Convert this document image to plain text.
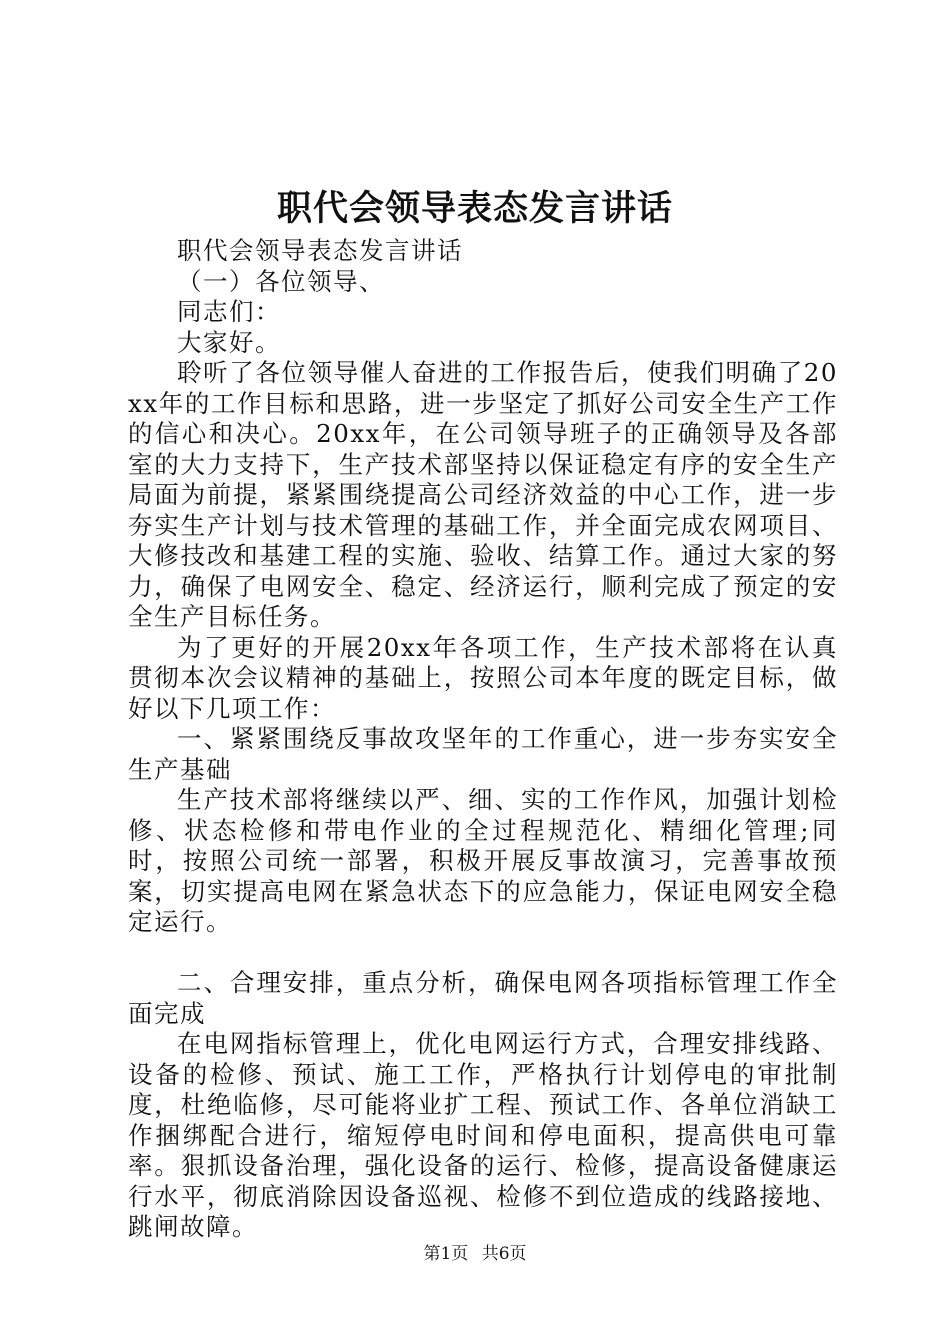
职代会领导表态发言讲话

职代会领导表态发言讲话

（一）各位领导、

同志们：

大家好。

聆听了各位领导催人奋进的工作报告后，使我们明确了20xx年的工作目标和思路，进一步坚定了抓好公司安全生产工作的信心和决心。20xx年，在公司领导班子的正确领导及各部室的大力支持下，生产技术部坚持以保证稳定有序的安全生产局面为前提，紧紧围绕提高公司经济效益的中心工作，进一步夯实生产计划与技术管理的基础工作，并全面完成农网项目、大修技改和基建工程的实施、验收、结算工作。通过大家的努力，确保了电网安全、稳定、经济运行，顺利完成了预定的安全生产目标任务。

为了更好的开展20xx年各项工作，生产技术部将在认真贯彻本次会议精神的基础上，按照公司本年度的既定目标，做好以下几项工作：

一、紧紧围绕反事故攻坚年的工作重心，进一步夯实安全生产基础

生产技术部将继续以严、细、实的工作作风，加强计划检修、状态检修和带电作业的全过程规范化、精细化管理;同时，按照公司统一部署，积极开展反事故演习，完善事故预案，切实提高电网在紧急状态下的应急能力，保证电网安全稳定运行。

二、合理安排，重点分析，确保电网各项指标管理工作全面完成

在电网指标管理上，优化电网运行方式，合理安排线路、设备的检修、预试、施工工作，严格执行计划停电的审批制度，杜绝临修，尽可能将业扩工程、预试工作、各单位消缺工作捆绑配合进行，缩短停电时间和停电面积，提高供电可靠率。狠抓设备治理，强化设备的运行、检修，提高设备健康运行水平，彻底消除因设备巡视、检修不到位造成的线路接地、跳闸故障。

第1页 共6页
